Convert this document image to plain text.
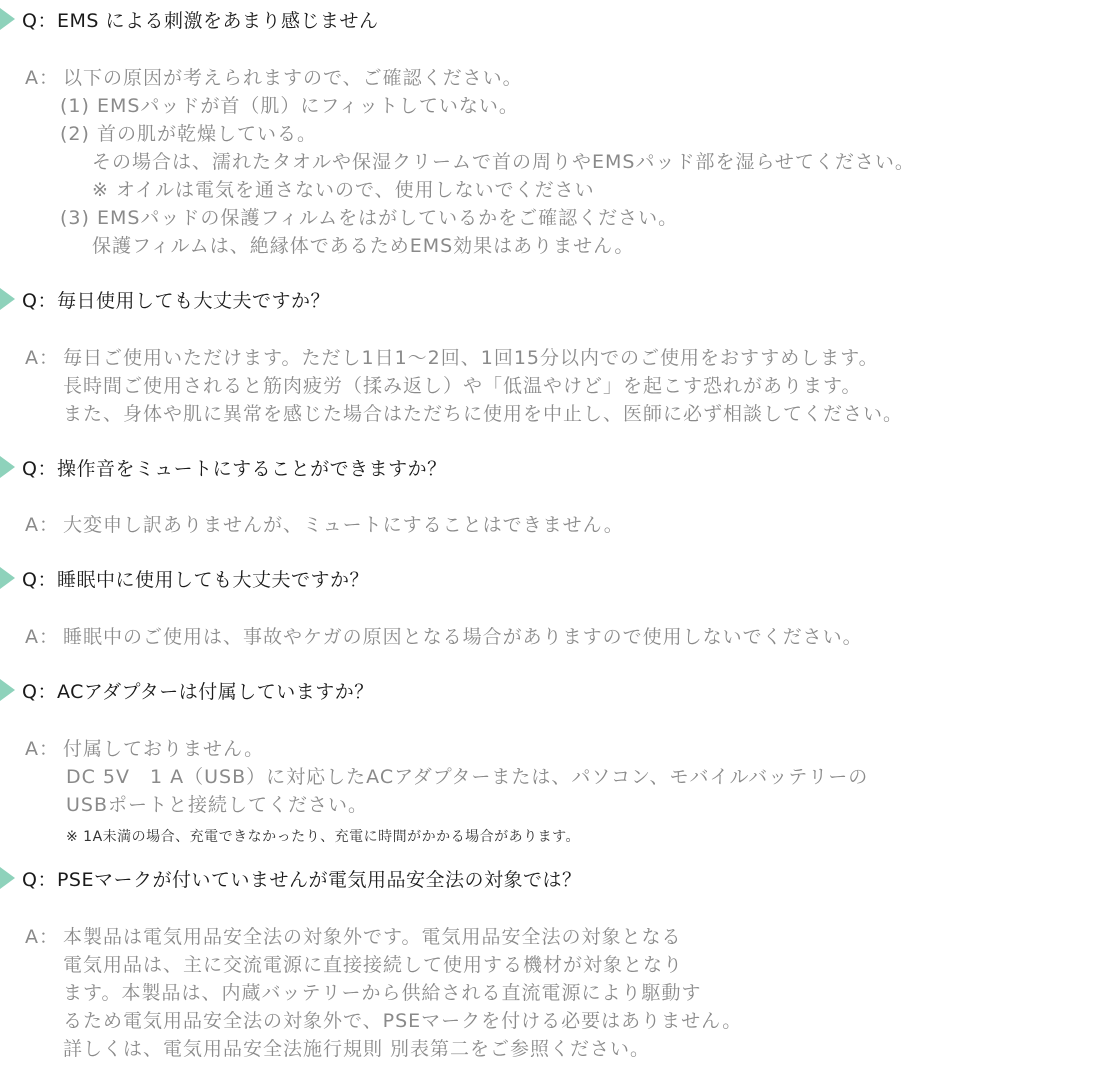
Q：EMS による刺激をあまり感じません
A： 以下の原因が考えられますので、ご確認ください。
(1) EMSパッドが首（肌）にフィットしていない。
(2) 首の肌が乾燥している。
その場合は、濡れたタオルや保湿クリームで首の周りやEMSパッド部を湿らせてください。
※ オイルは電気を通さないので、使用しないでください
(3) EMSパッドの保護フィルムをはがしているかをご確認ください。
保護フィルムは、絶縁体であるためEMS効果はありません。
Q：毎日使用しても大丈夫ですか？
A： 毎日ご使用いただけます。ただし1日1～2回、1回15分以内でのご使用をおすすめします。
長時間ご使用されると筋肉疲労（揉み返し）や「低温やけど」を起こす恐れがあります。
また、身体や肌に異常を感じた場合はただちに使用を中止し、医師に必ず相談してください。
Q：操作音をミュートにすることができますか？
A： 大変申し訳ありませんが、ミュートにすることはできません。
Q：睡眠中に使用しても大丈夫ですか？
A： 睡眠中のご使用は、事故やケガの原因となる場合がありますので使用しないでください。
Q：ACアダプターは付属していますか？
A： 付属しておりません。
DC 5V　1 A（USB）に対応したACアダプターまたは、パソコン、モバイルバッテリーの
USBポートと接続してください。
※ 1A未満の場合、充電できなかったり、充電に時間がかかる場合があります。
Q：PSEマークが付いていませんが電気用品安全法の対象では？
A： 本製品は電気用品安全法の対象外です。電気用品安全法の対象となる
電気用品は、主に交流電源に直接接続して使用する機材が対象となり
ます。本製品は、内蔵バッテリーから供給される直流電源により駆動す
るため電気用品安全法の対象外で、PSEマークを付ける必要はありません。
詳しくは、電気用品安全法施行規則 別表第二をご参照ください。
